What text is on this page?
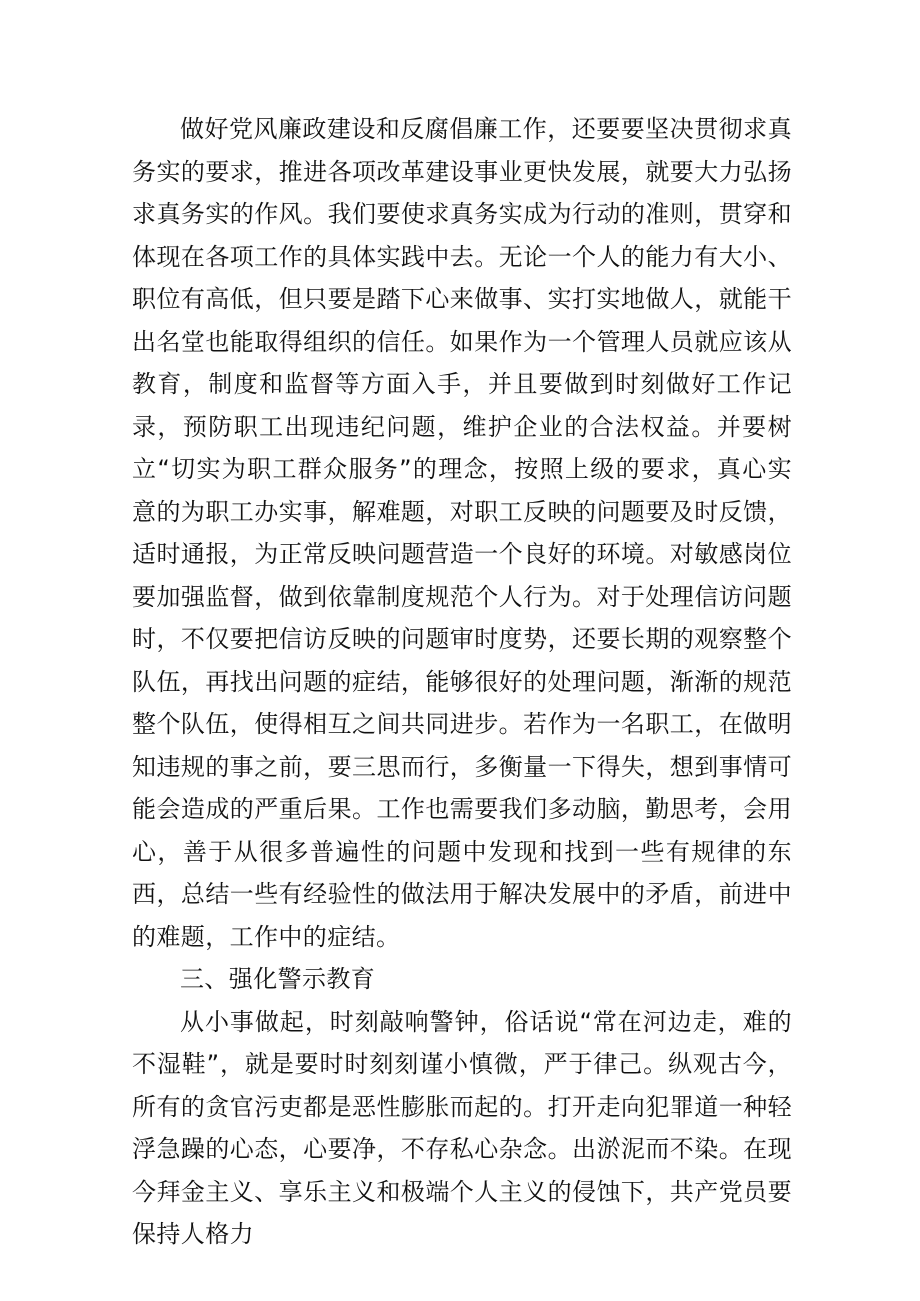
做好党风廉政建设和反腐倡廉工作，还要要坚决贯彻求真务实的要求，推进各项改革建设事业更快发展，就要大力弘扬求真务实的作风。我们要使求真务实成为行动的准则，贯穿和体现在各项工作的具体实践中去。无论一个人的能力有大小、职位有高低，但只要是踏下心来做事、实打实地做人，就能干出名堂也能取得组织的信任。如果作为一个管理人员就应该从教育，制度和监督等方面入手，并且要做到时刻做好工作记录，预防职工出现违纪问题，维护企业的合法权益。并要树立“切实为职工群众服务”的理念，按照上级的要求，真心实意的为职工办实事，解难题，对职工反映的问题要及时反馈，适时通报，为正常反映问题营造一个良好的环境。对敏感岗位要加强监督，做到依靠制度规范个人行为。对于处理信访问题时，不仅要把信访反映的问题审时度势，还要长期的观察整个队伍，再找出问题的症结，能够很好的处理问题，渐渐的规范整个队伍，使得相互之间共同进步。若作为一名职工，在做明知违规的事之前，要三思而行，多衡量一下得失，想到事情可能会造成的严重后果。工作也需要我们多动脑，勤思考，会用心，善于从很多普遍性的问题中发现和找到一些有规律的东西，总结一些有经验性的做法用于解决发展中的矛盾，前进中的难题，工作中的症结。

三、强化警示教育

从小事做起，时刻敲响警钟，俗话说“常在河边走，难的不湿鞋”，就是要时时刻刻谨小慎微，严于律己。纵观古今，所有的贪官污吏都是恶性膨胀而起的。打开走向犯罪道一种轻浮急躁的心态，心要净，不存私心杂念。出淤泥而不染。在现今拜金主义、享乐主义和极端个人主义的侵蚀下，共产党员要保持人格力
